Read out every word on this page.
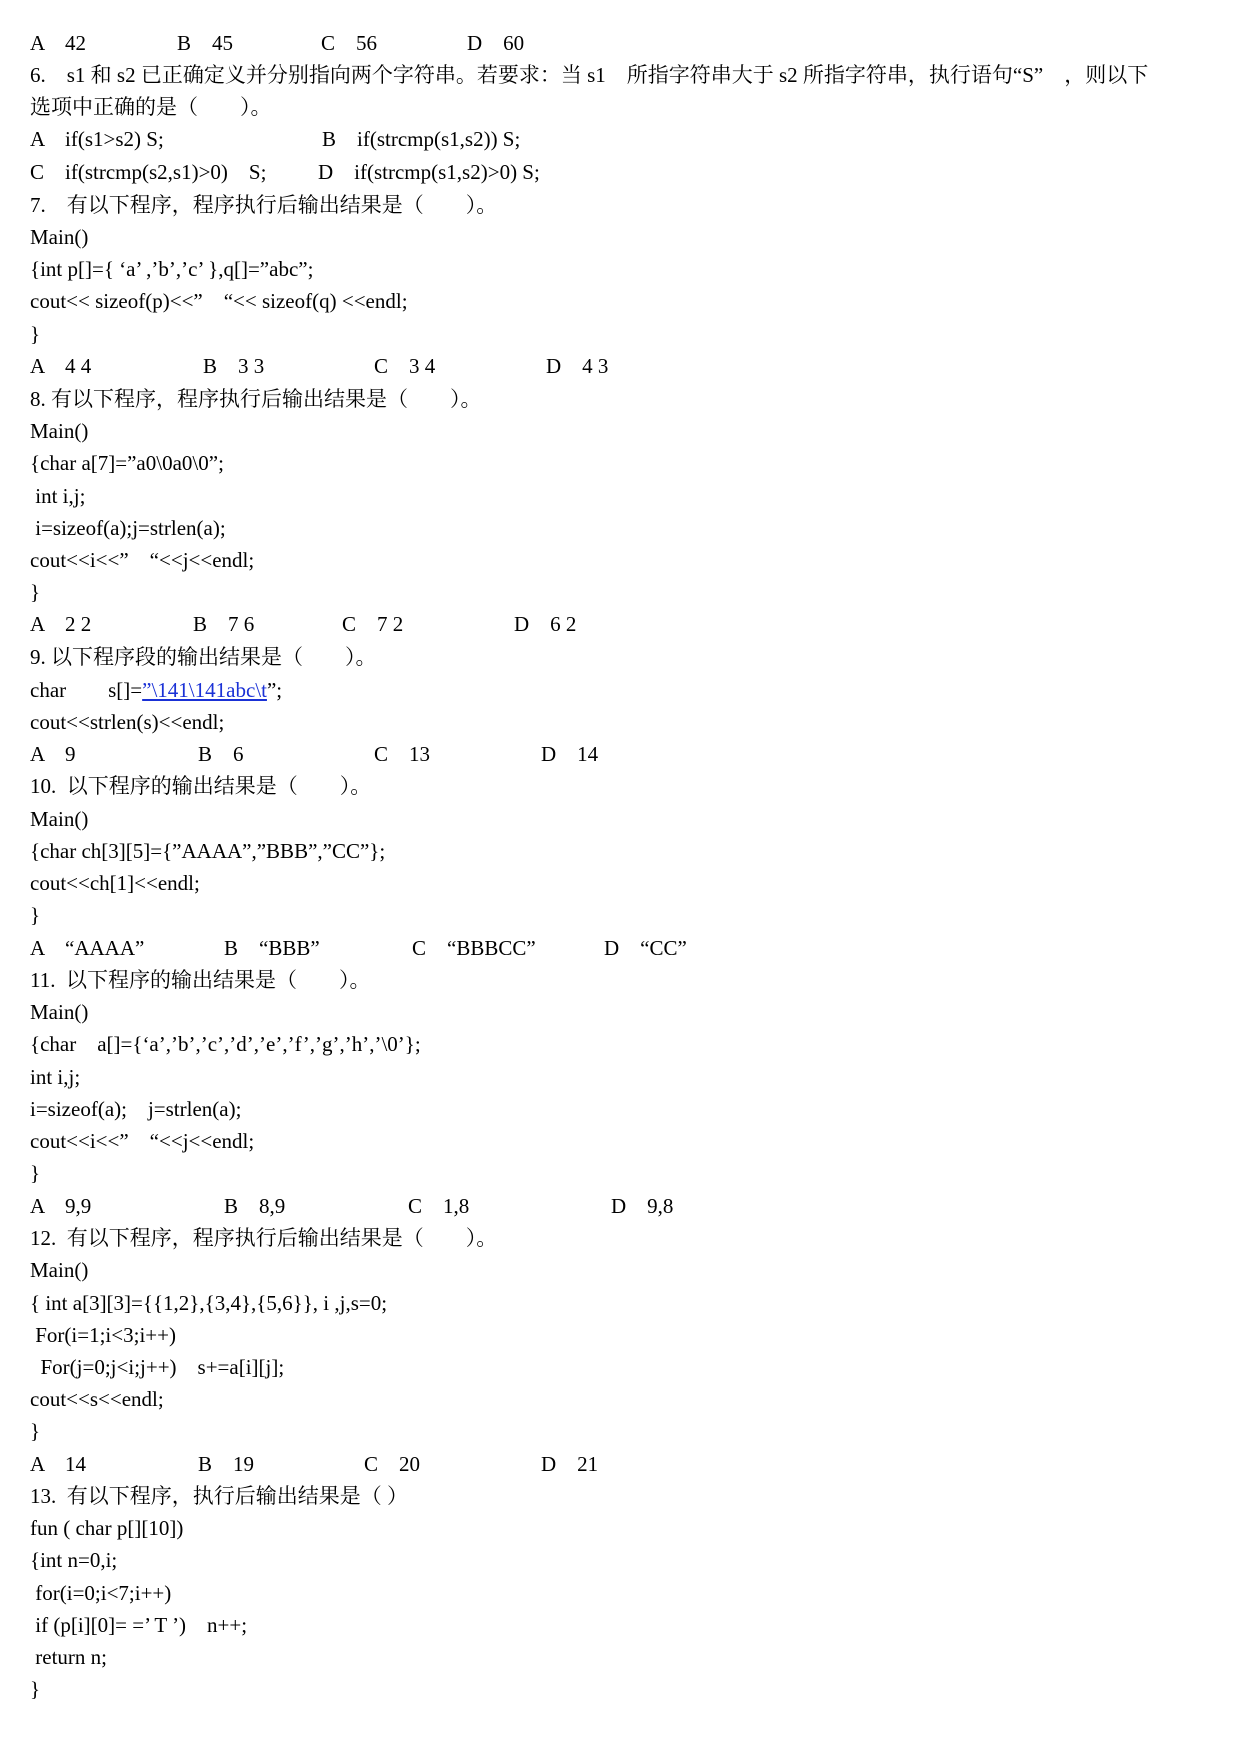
A　42	B　45	C　56	D　60
6.　s1 和 s2 已正确定义并分别指向两个字符串。若要求：当 s1　所指字符串大于 s2 所指字符串，执行语句“S”　，则以下
选项中正确的是（　　）。
A　if(s1>s2) S;	B　if(strcmp(s1,s2)) S;
C　if(strcmp(s2,s1)>0)　S; D　if(strcmp(s1,s2)>0) S;
7.　有以下程序，程序执行后输出结果是（　　）。
Main()
{int p[]={ ‘a’ ,’b’,’c’ },q[]=”abc”;
cout<< sizeof(p)<<”　“<< sizeof(q) <<endl;
}
A　4 4	B　3 3	C　3 4	D　4 3
8. 有以下程序，程序执行后输出结果是（　　）。
Main()
{char a[7]=”a0\0a0\0”;
int i,j;
i=sizeof(a);j=strlen(a);
cout<<i<<”　“<<j<<endl;
}
A　2 2	B　7 6	C　7 2	D　6 2
9. 以下程序段的输出结果是（　　）。
char　　s[]=”\141\141abc\t”;
cout<<strlen(s)<<endl;
A　9	B　6	C　13	D　14
10.  以下程序的输出结果是（　　）。
Main()
{char ch[3][5]={”AAAA”,”BBB”,”CC”};
cout<<ch[1]<<endl;
}
A　“AAAA”	B　“BBB”	C　“BBBCC”	D　“CC”
11.  以下程序的输出结果是（　　）。
Main()
{char　a[]={‘a’,’b’,’c’,’d’,’e’,’f’,’g’,’h’,’\0’};
int i,j;
i=sizeof(a);　j=strlen(a);
cout<<i<<”　“<<j<<endl;
}
A　9,9	B　8,9	C　1,8	D　9,8
12.  有以下程序，程序执行后输出结果是（　　）。
Main()
{ int a[3][3]={{1,2},{3,4},{5,6}}, i ,j,s=0;
For(i=1;i<3;i++)
For(j=0;j<i;j++)　s+=a[i][j];
cout<<s<<endl;
}
A　14	B　19	C　20	D　21
13.  有以下程序，执行后输出结果是（ ）
fun ( char p[][10])
{int n=0,i;
for(i=0;i<7;i++)
if (p[i][0]= =’ T ’)　n++;
return n;
}
